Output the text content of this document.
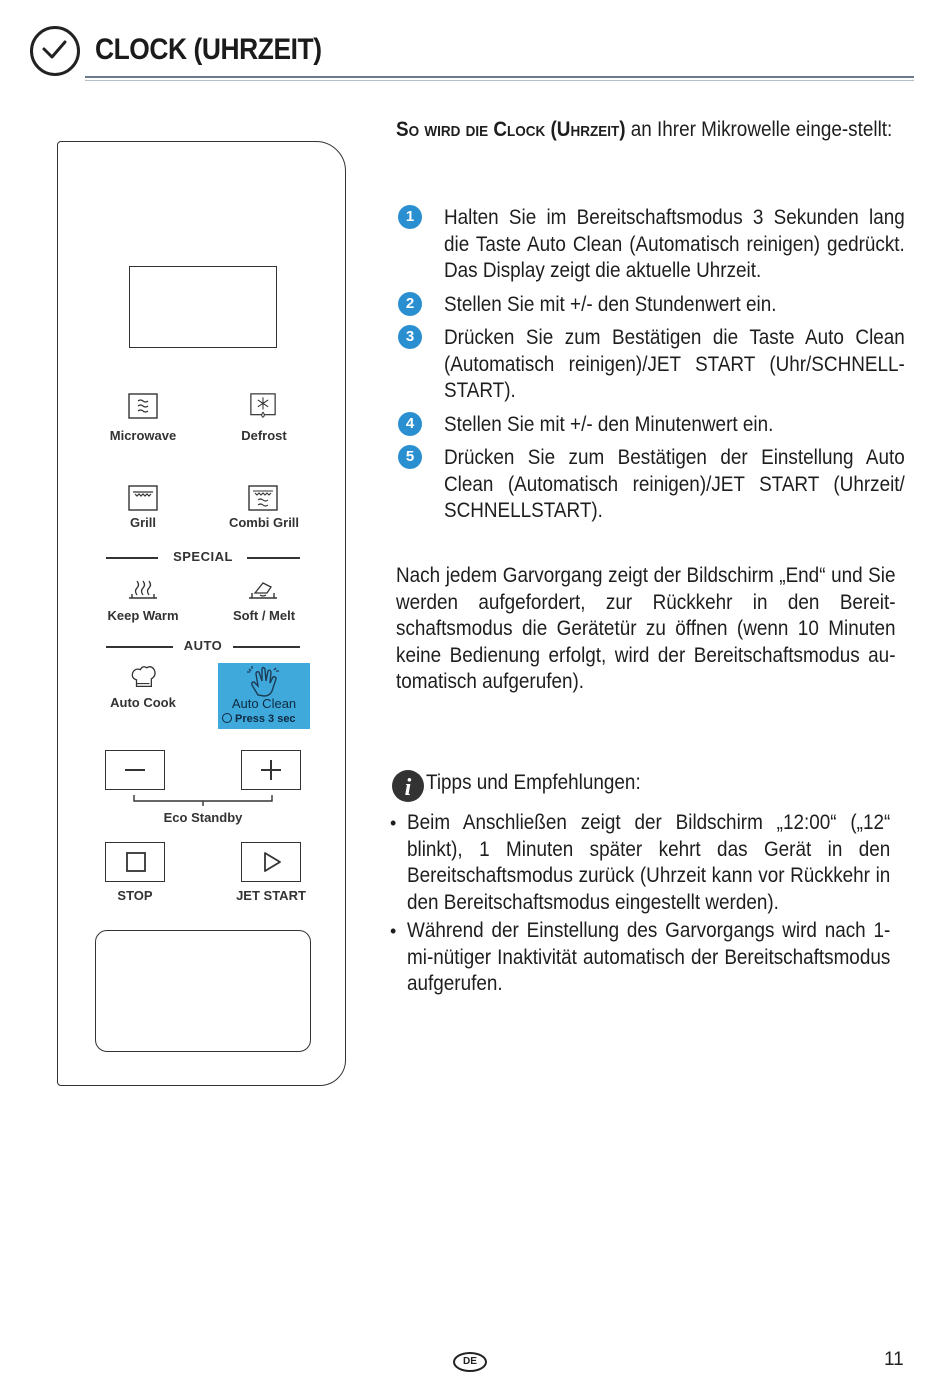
CLOCK (UHRZEIT)
Microwave	Defrost
Grill	Combi Grill
SPECIAL
Keep Warm	Soft / Melt
AUTO
Auto Cook	Auto Clean
Press 3 sec
Eco Standby
STOP	JET START
So wird die Clock (Uhrzeit) an Ihrer Mikrowelle einge-stellt:
1	Halten Sie im Bereitschaftsmodus 3 Sekunden lang die Taste Auto Clean (Automatisch reinigen) gedrückt. Das Display zeigt die aktuelle Uhrzeit.
2	Stellen Sie mit +/- den Stundenwert ein.
3	Drücken Sie zum Bestätigen die Taste Auto Clean (Automatisch reinigen)/JET START (Uhr/SCHNELL-START).
4	Stellen Sie mit +/- den Minutenwert ein.
5	Drücken Sie zum Bestätigen der Einstellung Auto Clean (Automatisch reinigen)/JET START (Uhrzeit/ SCHNELLSTART).
Nach jedem Garvorgang zeigt der Bildschirm „End“ und Sie werden aufgefordert, zur Rückkehr in den Bereit-schaftsmodus die Gerätetür zu öffnen (wenn 10 Minuten keine Bedienung erfolgt, wird der Bereitschaftsmodus au-tomatisch aufgerufen).
i Tipps und Empfehlungen:
• Beim Anschließen zeigt der Bildschirm „12:00“ („12“ blinkt), 1 Minuten später kehrt das Gerät in den Bereitschaftsmodus zurück (Uhrzeit kann vor Rückkehr in den Bereitschaftsmodus eingestellt werden).
• Während der Einstellung des Garvorgangs wird nach 1-mi-nütiger Inaktivität automatisch der Bereitschaftsmodus aufgerufen.
DE	11
